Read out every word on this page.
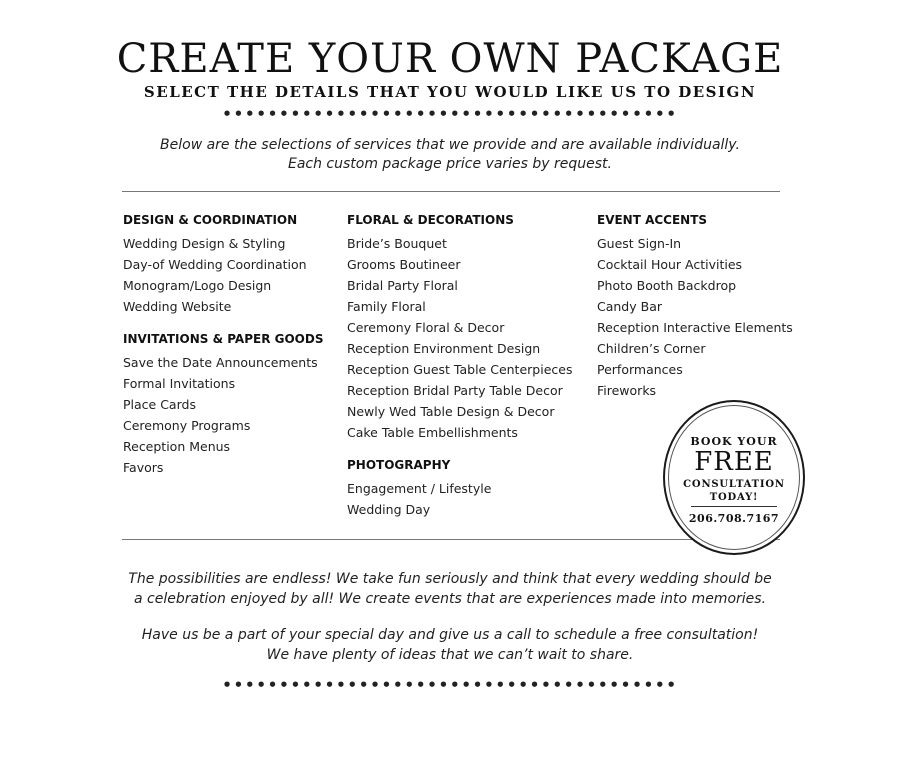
CREATE YOUR OWN PACKAGE
SELECT THE DETAILS THAT YOU WOULD LIKE US TO DESIGN
••••••••••••••••••••••••••••••••••••••••
Below are the selections of services that we provide and are available individually.
Each custom package price varies by request.
DESIGN & COORDINATION
Wedding Design & Styling
Day-of Wedding Coordination
Monogram/Logo Design
Wedding Website
INVITATIONS & PAPER GOODS
Save the Date Announcements
Formal Invitations
Place Cards
Ceremony Programs
Reception Menus
Favors
FLORAL & DECORATIONS
Bride’s Bouquet
Grooms Boutineer
Bridal Party Floral
Family Floral
Ceremony Floral & Decor
Reception Environment Design
Reception Guest Table Centerpieces
Reception Bridal Party Table Decor
Newly Wed Table Design & Decor
Cake Table Embellishments
PHOTOGRAPHY
Engagement / Lifestyle
Wedding Day
EVENT ACCENTS
Guest Sign-In
Cocktail Hour Activities
Photo Booth Backdrop
Candy Bar
Reception Interactive Elements
Children’s Corner
Performances
Fireworks
BOOK YOUR
FREE
CONSULTATION
TODAY!
206.708.7167
The possibilities are endless! We take fun seriously and think that every wedding should be
a celebration enjoyed by all! We create events that are experiences made into memories.
Have us be a part of your special day and give us a call to schedule a free consultation!
We have plenty of ideas that we can’t wait to share.
••••••••••••••••••••••••••••••••••••••••
